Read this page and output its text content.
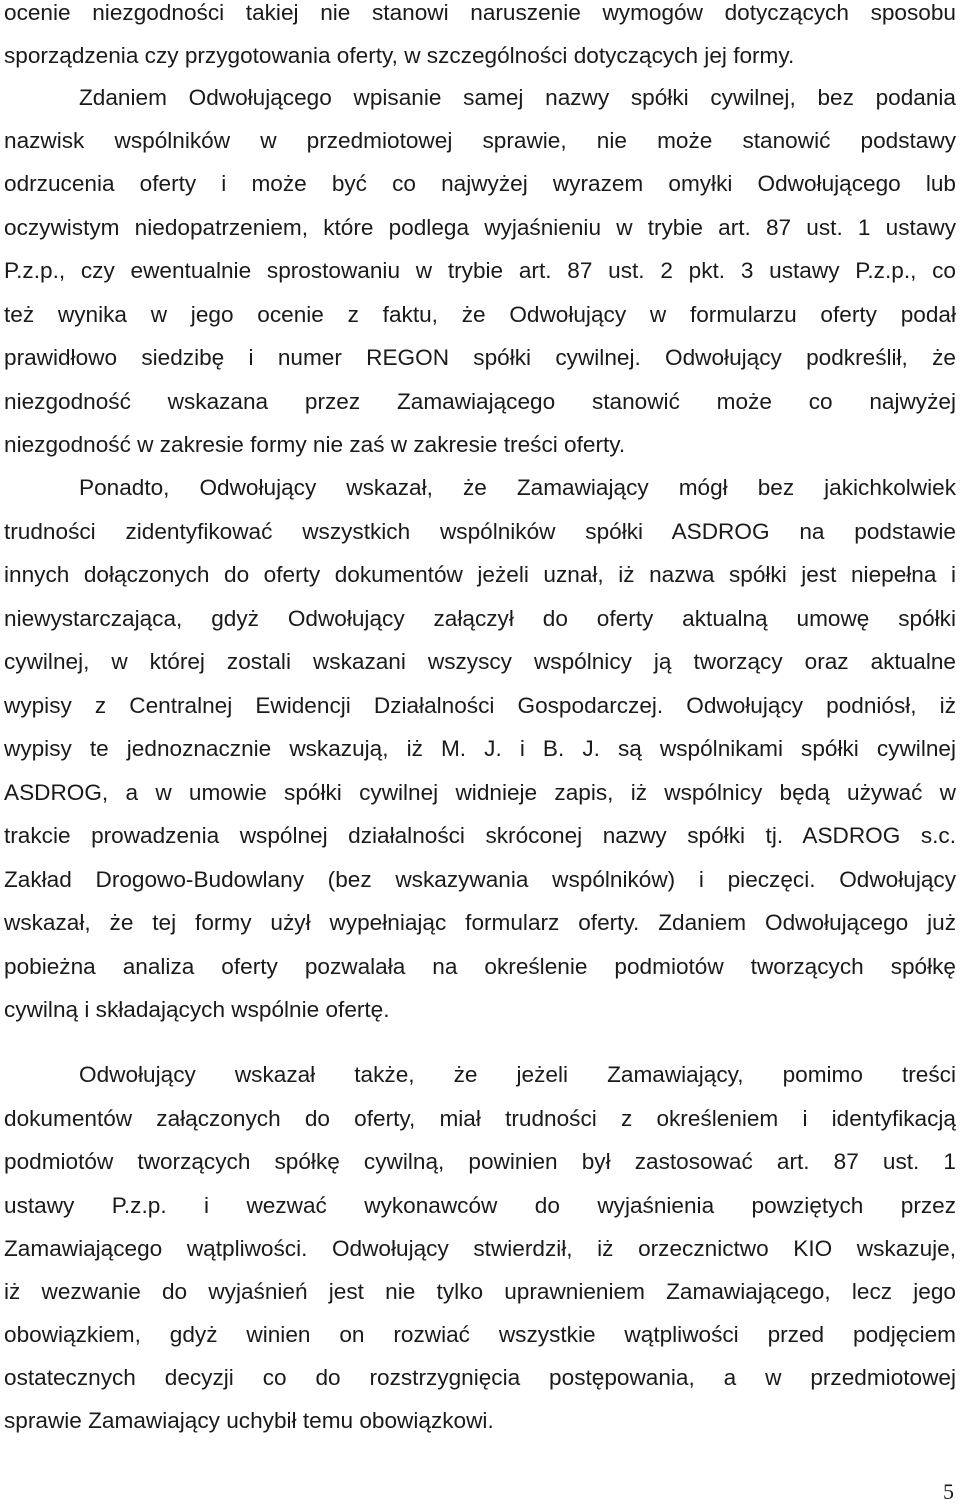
ocenie niezgodności takiej nie stanowi naruszenie wymogów dotyczących sposobu
sporządzenia czy przygotowania oferty, w szczególności dotyczących jej formy.
Zdaniem Odwołującego wpisanie samej nazwy spółki cywilnej, bez podania
nazwisk wspólników w przedmiotowej sprawie, nie może stanowić podstawy
odrzucenia oferty i może być co najwyżej wyrazem omyłki Odwołującego lub
oczywistym niedopatrzeniem, które podlega wyjaśnieniu w trybie art. 87 ust. 1 ustawy
P.z.p., czy ewentualnie sprostowaniu w trybie art. 87 ust. 2 pkt. 3 ustawy P.z.p., co
też wynika w jego ocenie z faktu, że Odwołujący w formularzu oferty podał
prawidłowo siedzibę i numer REGON spółki cywilnej. Odwołujący podkreślił, że
niezgodność wskazana przez Zamawiającego stanowić może co najwyżej
niezgodność w zakresie formy nie zaś w zakresie treści oferty.
Ponadto, Odwołujący wskazał, że Zamawiający mógł bez jakichkolwiek
trudności zidentyfikować wszystkich wspólników spółki ASDROG na podstawie
innych dołączonych do oferty dokumentów jeżeli uznał, iż nazwa spółki jest niepełna i
niewystarczająca, gdyż Odwołujący załączył do oferty aktualną umowę spółki
cywilnej, w której zostali wskazani wszyscy wspólnicy ją tworzący oraz aktualne
wypisy z Centralnej Ewidencji Działalności Gospodarczej. Odwołujący podniósł, iż
wypisy te jednoznacznie wskazują, iż M. J. i B. J. są wspólnikami spółki cywilnej
ASDROG, a w umowie spółki cywilnej widnieje zapis, iż wspólnicy będą używać w
trakcie prowadzenia wspólnej działalności skróconej nazwy spółki tj. ASDROG s.c.
Zakład Drogowo-Budowlany (bez wskazywania wspólników) i pieczęci. Odwołujący
wskazał, że tej formy użył wypełniając formularz oferty. Zdaniem Odwołującego już
pobieżna analiza oferty pozwalała na określenie podmiotów tworzących spółkę
cywilną i składających wspólnie ofertę.
Odwołujący wskazał także, że jeżeli Zamawiający, pomimo treści
dokumentów załączonych do oferty, miał trudności z określeniem i identyfikacją
podmiotów tworzących spółkę cywilną, powinien był zastosować art. 87 ust. 1
ustawy P.z.p. i wezwać wykonawców do wyjaśnienia powziętych przez
Zamawiającego wątpliwości. Odwołujący stwierdził, iż orzecznictwo KIO wskazuje,
iż wezwanie do wyjaśnień jest nie tylko uprawnieniem Zamawiającego, lecz jego
obowiązkiem, gdyż winien on rozwiać wszystkie wątpliwości przed podjęciem
ostatecznych decyzji co do rozstrzygnięcia postępowania, a w przedmiotowej
sprawie Zamawiający uchybił temu obowiązkowi.
5
